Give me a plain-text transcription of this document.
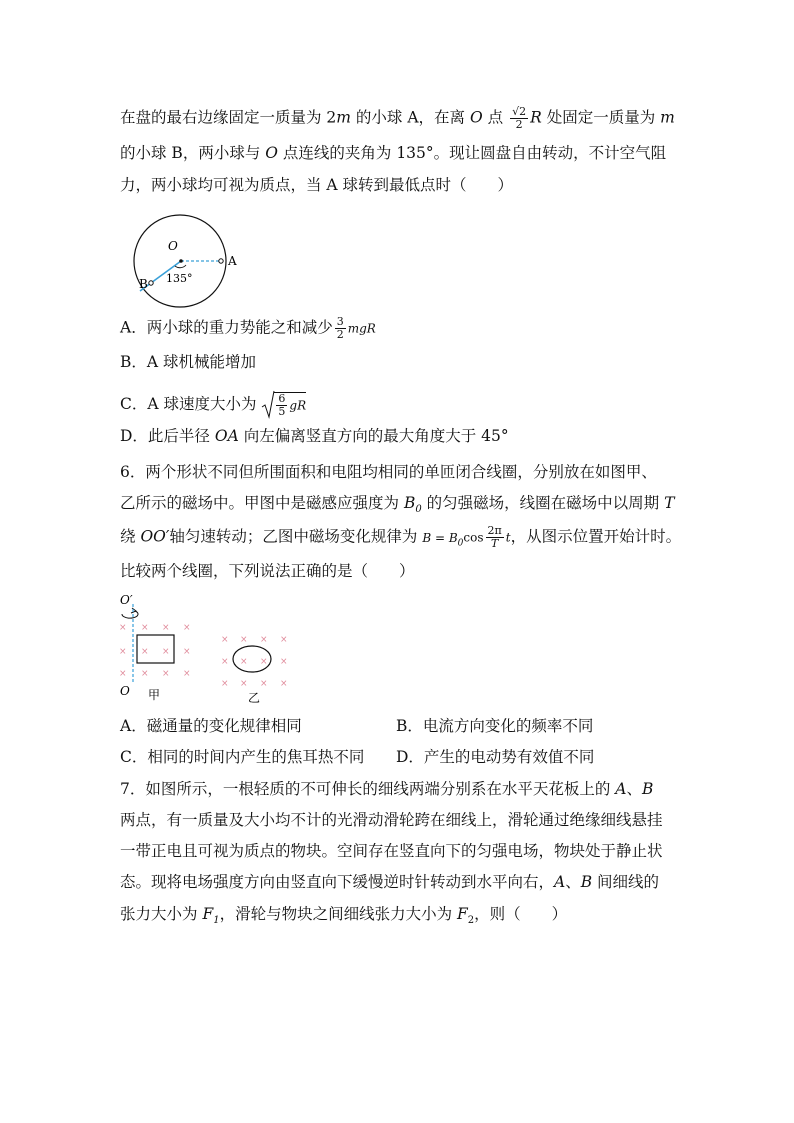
在盘的最右边缘固定一质量为 2m 的小球 A，在离 O 点 $\frac{√2}{2}$ R 处固定一质量为 m
的小球 B，两小球与 O 点连线的夹角为 135°。现让圆盘自由转动，不计空气阻
力，两小球均可视为质点，当 A 球转到最低点时（　　）
O
A
B 135°
A．两小球的重力势能之和减少 $\frac{3}{2}$ mgR
B．A 球机械能增加
C．A 球速度大小为 $\frac{6}{5}$ gR
D．此后半径 OA 向左偏离竖直方向的最大角度大于 45°
6．两个形状不同但所围面积和电阻均相同的单匝闭合线圈，分别放在如图甲、
乙所示的磁场中。甲图中是磁感应强度为 $B_0$ 的匀强磁场，线圈在磁场中以周期 T
绕 OO′轴匀速转动；乙图中磁场变化规律为 $B = B_0\cos \frac{2\pi}{T}$ t，从图示位置开始计时。
比较两个线圈，下列说法正确的是（　　）
O′
× × × ×
× × × ×
× × × ×
× × × ×
× × × ×
× × × ×
O 甲	乙
A．磁通量的变化规律相同	B．电流方向变化的频率不同
C．相同的时间内产生的焦耳热不同 D．产生的电动势有效值不同
7．如图所示，一根轻质的不可伸长的细线两端分别系在水平天花板上的 A、B
两点，有一质量及大小均不计的光滑动滑轮跨在细线上，滑轮通过绝缘细线悬挂
一带正电且可视为质点的物块。空间存在竖直向下的匀强电场，物块处于静止状
态。现将电场强度方向由竖直向下缓慢逆时针转动到水平向右，A、B 间细线的
张力大小为 $F_1$，滑轮与物块之间细线张力大小为 $F_2$，则（　　）
